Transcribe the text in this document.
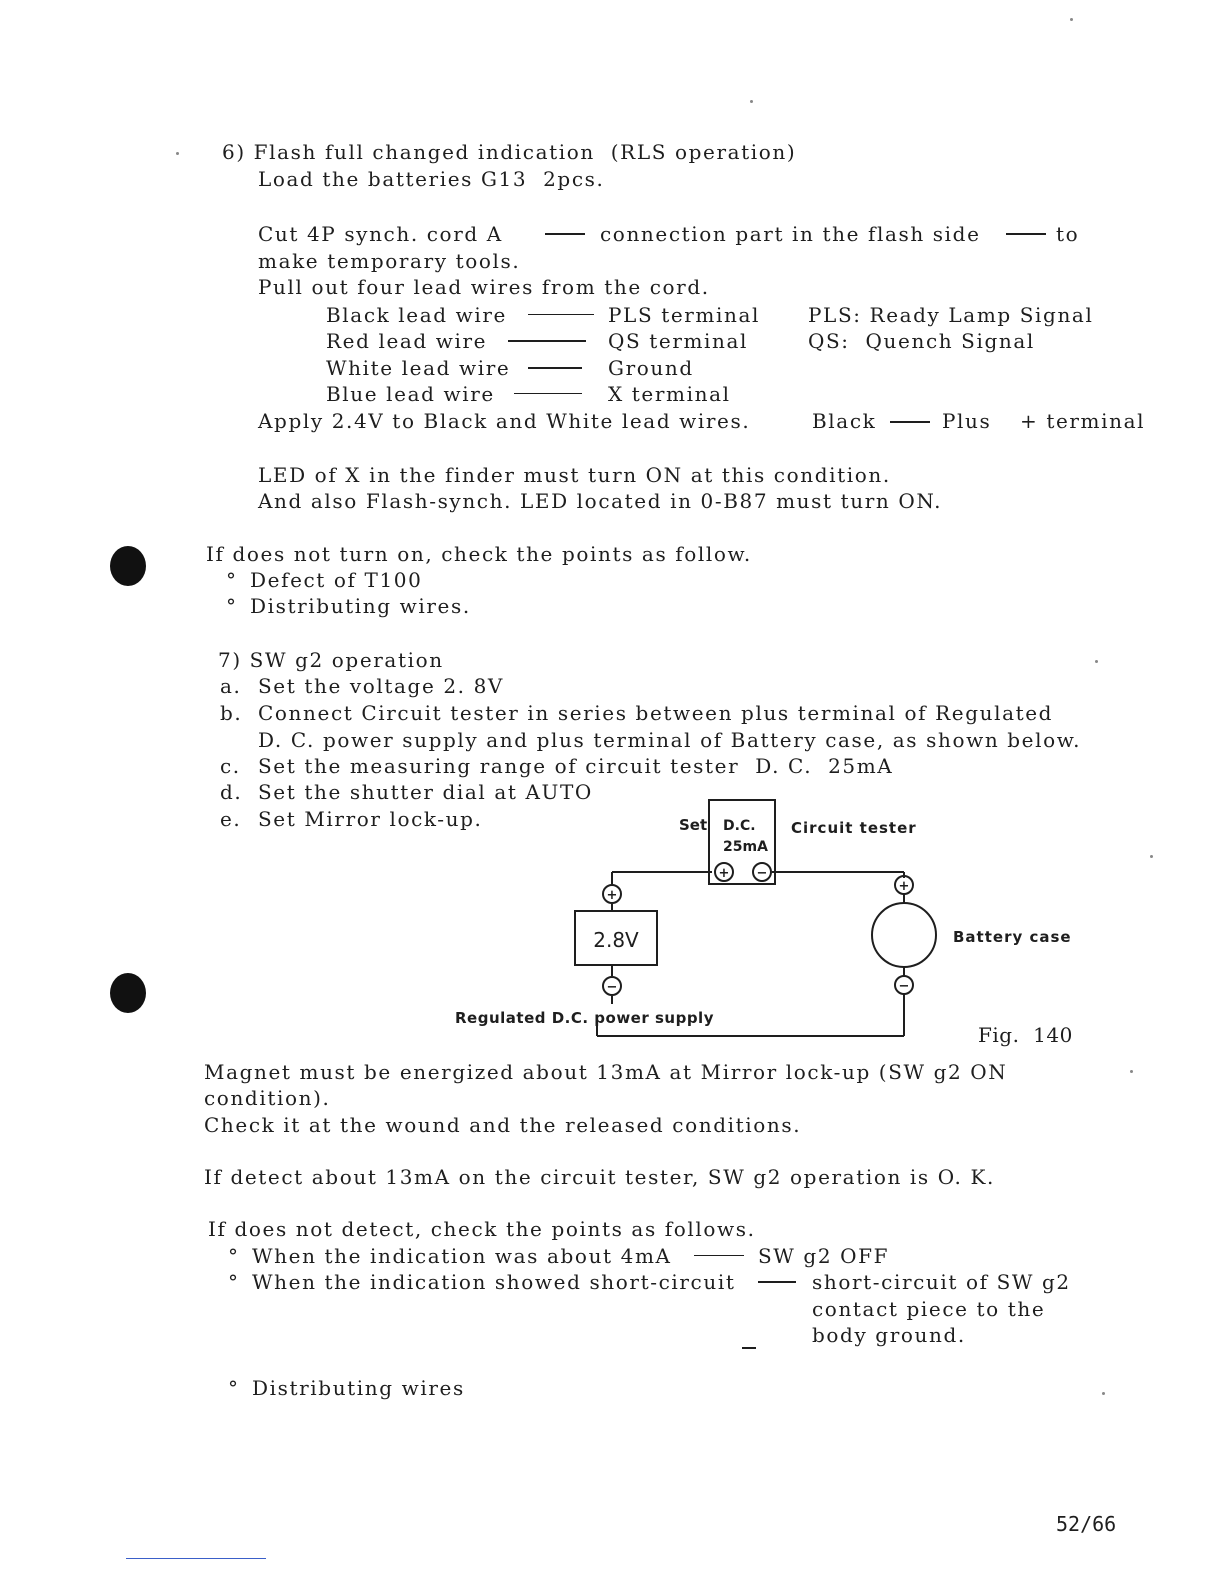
6) Flash full changed indication  (RLS operation)
Load the batteries G13  2pcs.
Cut 4P synch. cord A	connection part in the flash side	to
make temporary tools.
Pull out four lead wires from the cord.
Black lead wire	PLS terminal PLS: Ready Lamp Signal
Red lead wire	QS terminal	QS:  Quench Signal
White lead wire	Ground
Blue lead wire	X terminal
Apply 2.4V to Black and White lead wires.	Black	Plus + terminal
LED of X in the finder must turn ON at this condition.
And also Flash-synch. LED located in 0-B87 must turn ON.
If does not turn on, check the points as follow.
° Defect of T100
° Distributing wires.
7) SW g2 operation
a. Set the voltage 2. 8V
b. Connect Circuit tester in series between plus terminal of Regulated
D. C. power supply and plus terminal of Battery case, as shown below.
c. Set the measuring range of circuit tester  D. C.  25mA
d. Set the shutter dial at AUTO
e. Set Mirror lock-up.
+
−
+
−
+ −
Set D.C.
25mA
Circuit tester
2.8V	Battery case
Regulated D.C. power supply
Fig.  140
Magnet must be energized about 13mA at Mirror lock-up (SW g2 ON
condition).
Check it at the wound and the released conditions.
If detect about 13mA on the circuit tester, SW g2 operation is O. K.
If does not detect, check the points as follows.
° When the indication was about 4mA	SW g2 OFF
° When the indication showed short-circuit	short-circuit of SW g2
contact piece to the
body ground.
° Distributing wires
52/66
